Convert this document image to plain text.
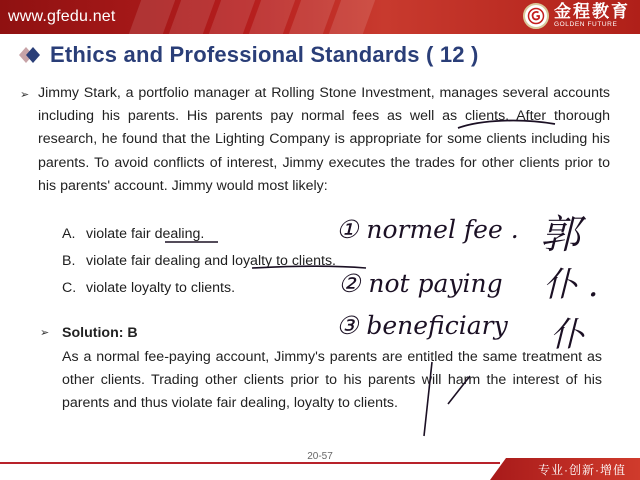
www.gfedu.net	金程教育
GOLDEN FUTURE
Ethics and Professional Standards ( 12 )
➢ Jimmy Stark, a portfolio manager at Rolling Stone Investment, manages several accounts including his parents. His parents pay normal fees as well as clients. After thorough research, he found that the Lighting Company is appropriate for some clients including his parents. To avoid conflicts of interest, Jimmy executes the trades for other clients prior to his parents' account. Jimmy would most likely:
A. violate fair dealing.
B. violate fair dealing and loyalty to clients.
C. violate loyalty to clients.
➢ Solution: B
As a normal fee-paying account, Jimmy's parents are entitled the same treatment as other clients. Trading other clients prior to his parents will harm the interest of his parents and thus violate fair dealing, loyalty to clients.
① normel fee .
② not paying
③ beneficiary
郭
仆 .
仆
20-57
专业·创新·增值
